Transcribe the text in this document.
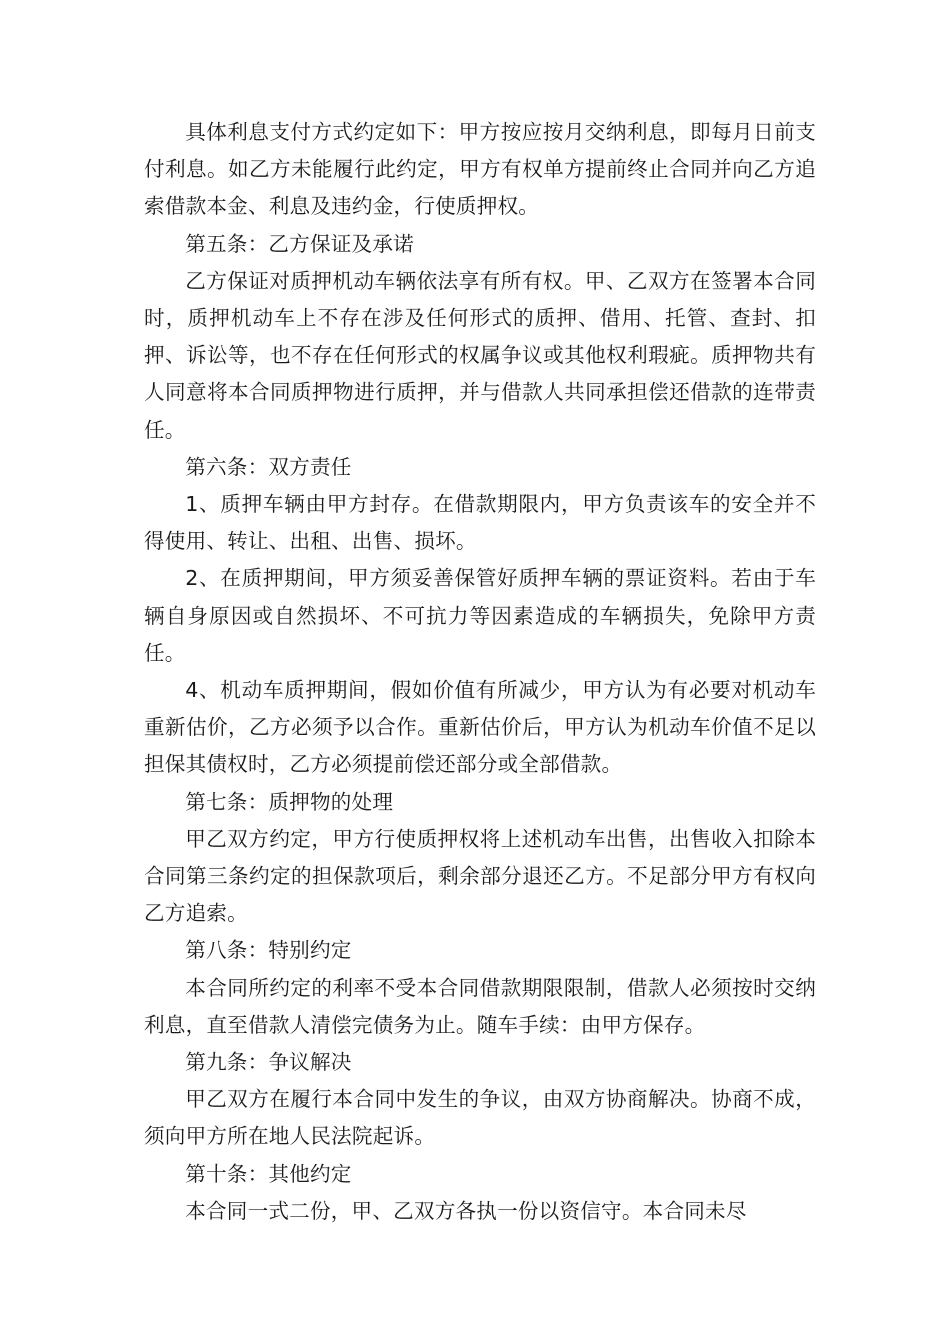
具体利息支付方式约定如下：甲方按应按月交纳利息，即每月日前支付利息。如乙方未能履行此约定，甲方有权单方提前终止合同并向乙方追索借款本金、利息及违约金，行使质押权。

第五条：乙方保证及承诺

乙方保证对质押机动车辆依法享有所有权。甲、乙双方在签署本合同时，质押机动车上不存在涉及任何形式的质押、借用、托管、查封、扣押、诉讼等，也不存在任何形式的权属争议或其他权利瑕疵。质押物共有人同意将本合同质押物进行质押，并与借款人共同承担偿还借款的连带责任。

第六条：双方责任

1、质押车辆由甲方封存。在借款期限内，甲方负责该车的安全并不得使用、转让、出租、出售、损坏。

2、在质押期间，甲方须妥善保管好质押车辆的票证资料。若由于车辆自身原因或自然损坏、不可抗力等因素造成的车辆损失，免除甲方责任。

4、机动车质押期间，假如价值有所减少，甲方认为有必要对机动车重新估价，乙方必须予以合作。重新估价后，甲方认为机动车价值不足以担保其债权时，乙方必须提前偿还部分或全部借款。

第七条：质押物的处理

甲乙双方约定，甲方行使质押权将上述机动车出售，出售收入扣除本合同第三条约定的担保款项后，剩余部分退还乙方。不足部分甲方有权向乙方追索。

第八条：特别约定

本合同所约定的利率不受本合同借款期限限制，借款人必须按时交纳利息，直至借款人清偿完债务为止。随车手续：由甲方保存。

第九条：争议解决

甲乙双方在履行本合同中发生的争议，由双方协商解决。协商不成，须向甲方所在地人民法院起诉。

第十条：其他约定

本合同一式二份，甲、乙双方各执一份以资信守。本合同未尽
